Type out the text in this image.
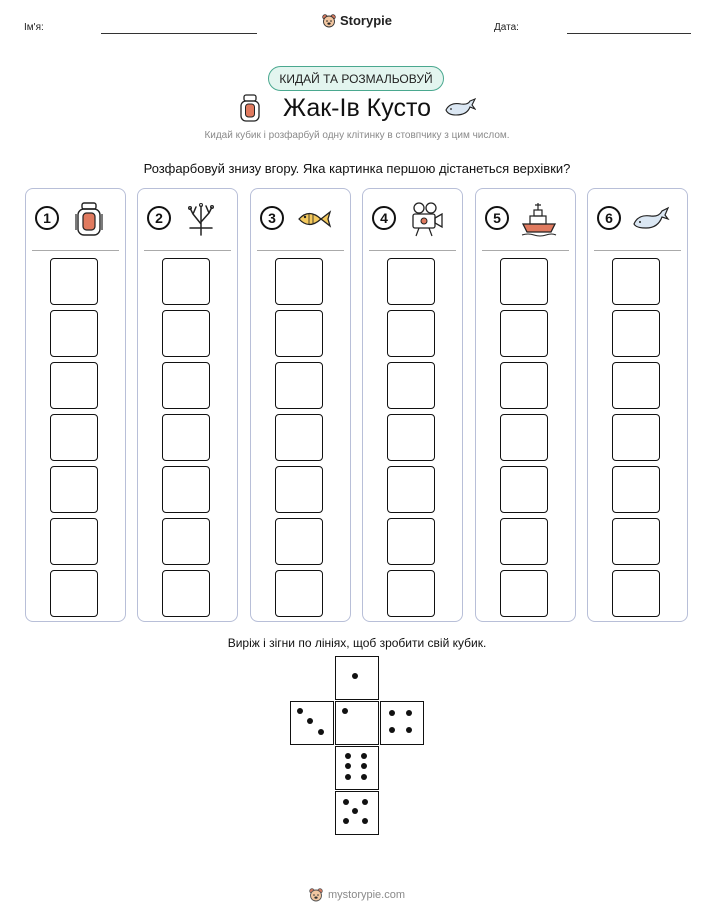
Ім'я:	Дата:
Storypie
КИДАЙ ТА РОЗМАЛЬОВУЙ
Жак-Ів Кусто
Кидай кубик і розфарбуй одну клітинку в стовпчику з цим числом.
Розфарбовуй знизу вгору. Яка картинка першою дістанеться верхівки?
1	2	3	4	5	6
Виріж і зігни по лініях, щоб зробити свій кубик.
mystorypie.com
